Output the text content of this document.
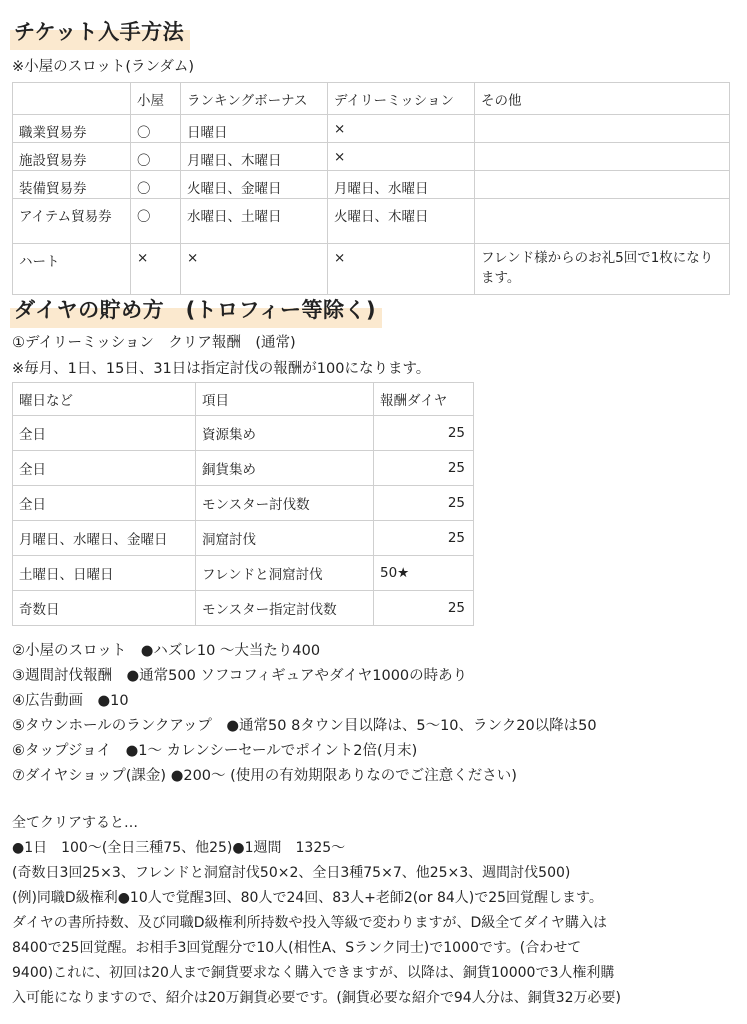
チケット入手方法
※小屋のスロット(ランダム)
	小屋	ランキングボーナス	デイリーミッション	その他
職業貿易券	〇	日曜日	×	
施設貿易券	〇	月曜日、木曜日	×	
装備貿易券	〇	火曜日、金曜日	月曜日、水曜日	
アイテム貿易券	〇	水曜日、土曜日	火曜日、木曜日	
ハート	×	×	×	フレンド様からのお礼5回で1枚になります。
ダイヤの貯め方　(トロフィー等除く)
①デイリーミッション　クリア報酬　(通常)
※毎月、1日、15日、31日は指定討伐の報酬が100になります。
曜日など	項目	報酬ダイヤ
全日	資源集め	25
全日	銅貨集め	25
全日	モンスター討伐数	25
月曜日、水曜日、金曜日	洞窟討伐	25
土曜日、日曜日	フレンドと洞窟討伐	50★
奇数日	モンスター指定討伐数	25
②小屋のスロット　●ハズレ10 〜大当たり400
③週間討伐報酬　●通常500 ソフコフィギュアやダイヤ1000の時あり
④広告動画　●10
⑤タウンホールのランクアップ　●通常50 8タウン目以降は、5〜10、ランク20以降は50
⑥タップジョイ　●1〜 カレンシーセールでポイント2倍(月末)
⑦ダイヤショップ(課金) ●200〜 (使用の有効期限ありなのでご注意ください)
全てクリアすると…
●1日　100〜(全日三種75、他25)●1週間　1325〜
(奇数日3回25×3、フレンドと洞窟討伐50×2、全日3種75×7、他25×3、週間討伐500)
(例)同職D級権利●10人で覚醒3回、80人で24回、83人+老師2(or 84人)で25回覚醒します。
ダイヤの書所持数、及び同職D級権利所持数や投入等級で変わりますが、D級全てダイヤ購入は
8400で25回覚醒。お相手3回覚醒分で10人(相性A、Sランク同士)で1000です。(合わせて
9400)これに、初回は20人まで銅貨要求なく購入できますが、以降は、銅貨10000で3人権利購
入可能になりますので、紹介は20万銅貨必要です。(銅貨必要な紹介で94人分は、銅貨32万必要)
